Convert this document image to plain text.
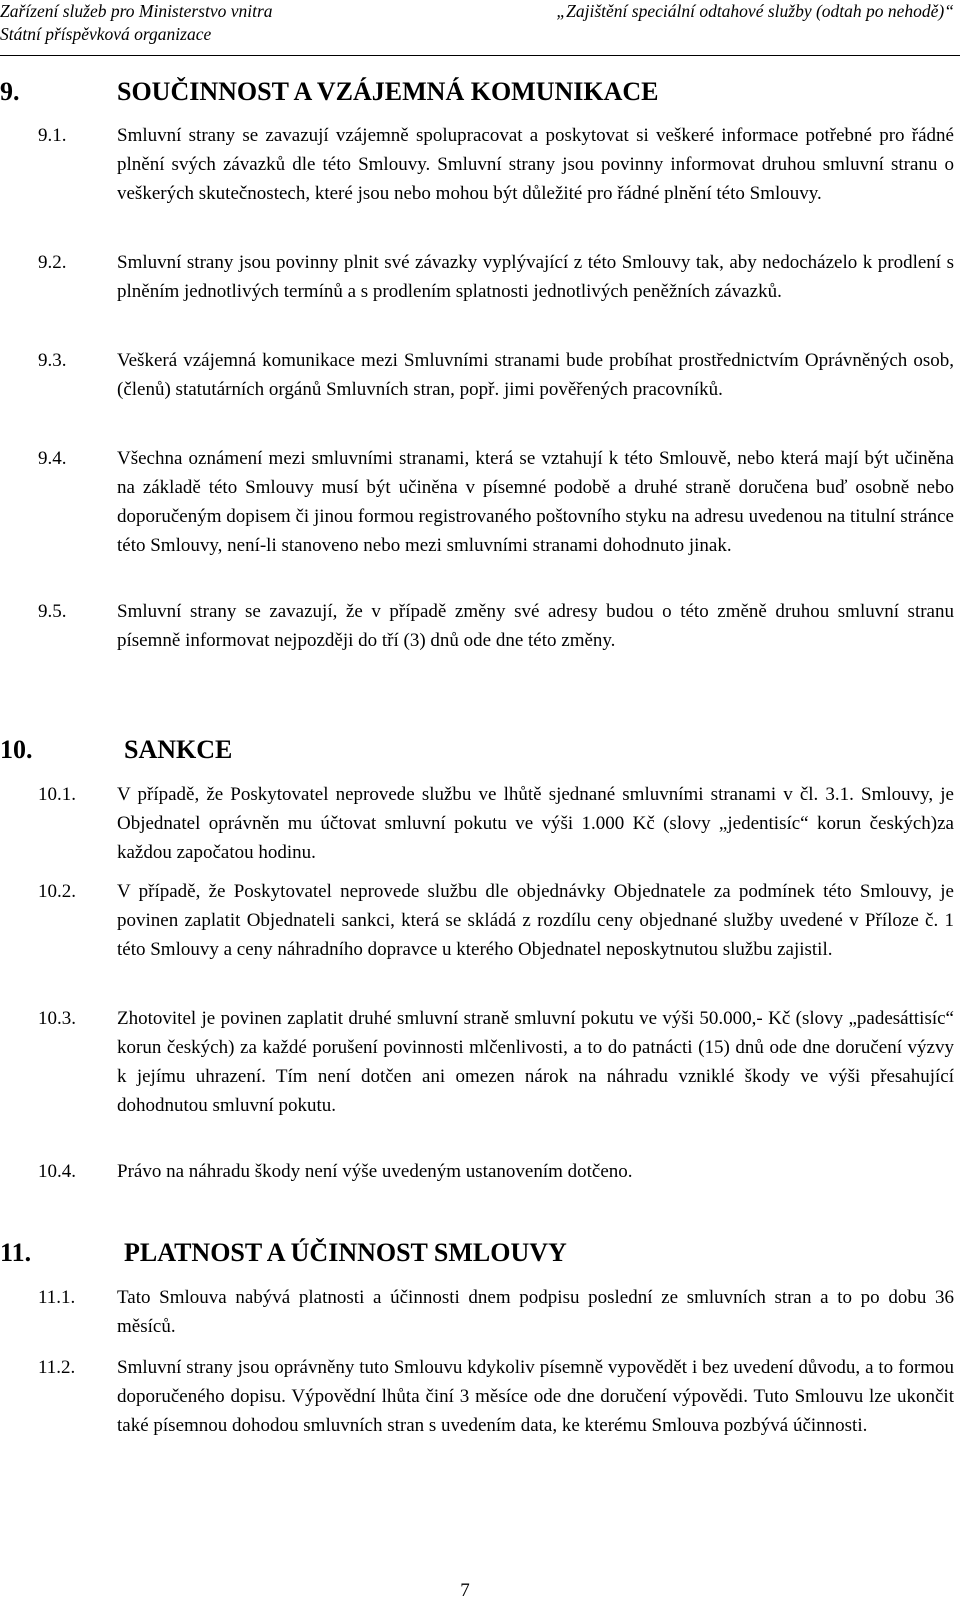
Zařízení služeb pro Ministerstvo vnitra
Státní příspěvková organizace
„Zajištění speciální odtahové služby (odtah po nehodě)“
9.	SOUČINNOST A VZÁJEMNÁ KOMUNIKACE
9.1.	Smluvní strany se zavazují vzájemně spolupracovat a poskytovat si veškeré informace potřebné pro řádné plnění svých závazků dle této Smlouvy. Smluvní strany jsou povinny informovat druhou smluvní stranu o veškerých skutečnostech, které jsou nebo mohou být důležité pro řádné plnění této Smlouvy.
9.2.	Smluvní strany jsou povinny plnit své závazky vyplývající z této Smlouvy tak, aby nedocházelo k prodlení s plněním jednotlivých termínů a s prodlením splatnosti jednotlivých peněžních závazků.
9.3.	Veškerá vzájemná komunikace mezi Smluvními stranami bude probíhat prostřednictvím Oprávněných osob, (členů) statutárních orgánů Smluvních stran, popř. jimi pověřených pracovníků.
9.4.	Všechna oznámení mezi smluvními stranami, která se vztahují k této Smlouvě, nebo která mají být učiněna na základě této Smlouvy musí být učiněna v písemné podobě a druhé straně doručena buď osobně nebo doporučeným dopisem či jinou formou registrovaného poštovního styku na adresu uvedenou na titulní stránce této Smlouvy, není-li stanoveno nebo mezi smluvními stranami dohodnuto jinak.
9.5.	Smluvní strany se zavazují, že v případě změny své adresy budou o této změně druhou smluvní stranu písemně informovat nejpozději do tří (3) dnů ode dne této změny.
10.	SANKCE
10.1. V případě, že Poskytovatel neprovede službu ve lhůtě sjednané smluvními stranami v čl. 3.1. Smlouvy, je Objednatel oprávněn mu účtovat smluvní pokutu ve výši 1.000 Kč (slovy „jedentisíc“ korun českých)za každou započatou hodinu.
10.2. V případě, že Poskytovatel neprovede službu dle objednávky Objednatele za podmínek této Smlouvy, je povinen zaplatit Objednateli sankci, která se skládá z rozdílu ceny objednané služby uvedené v Příloze č. 1 této Smlouvy a ceny náhradního dopravce u kterého Objednatel neposkytnutou službu zajistil.
10.3. Zhotovitel je povinen zaplatit druhé smluvní straně smluvní pokutu ve výši 50.000,- Kč (slovy „padesáttisíc“ korun českých) za každé porušení povinnosti mlčenlivosti, a to do patnácti (15) dnů ode dne doručení výzvy k jejímu uhrazení. Tím není dotčen ani omezen nárok na náhradu vzniklé škody ve výši přesahující dohodnutou smluvní pokutu.
10.4. Právo na náhradu škody není výše uvedeným ustanovením dotčeno.
11.	PLATNOST A ÚČINNOST SMLOUVY
11.1. Tato Smlouva nabývá platnosti a účinnosti dnem podpisu poslední ze smluvních stran a to po dobu 36 měsíců.
11.2. Smluvní strany jsou oprávněny tuto Smlouvu kdykoliv písemně vypovědět i bez uvedení důvodu, a to formou doporučeného dopisu. Výpovědní lhůta činí 3 měsíce ode dne doručení výpovědi. Tuto Smlouvu lze ukončit také písemnou dohodou smluvních stran s uvedením data, ke kterému Smlouva pozbývá účinnosti.
7
